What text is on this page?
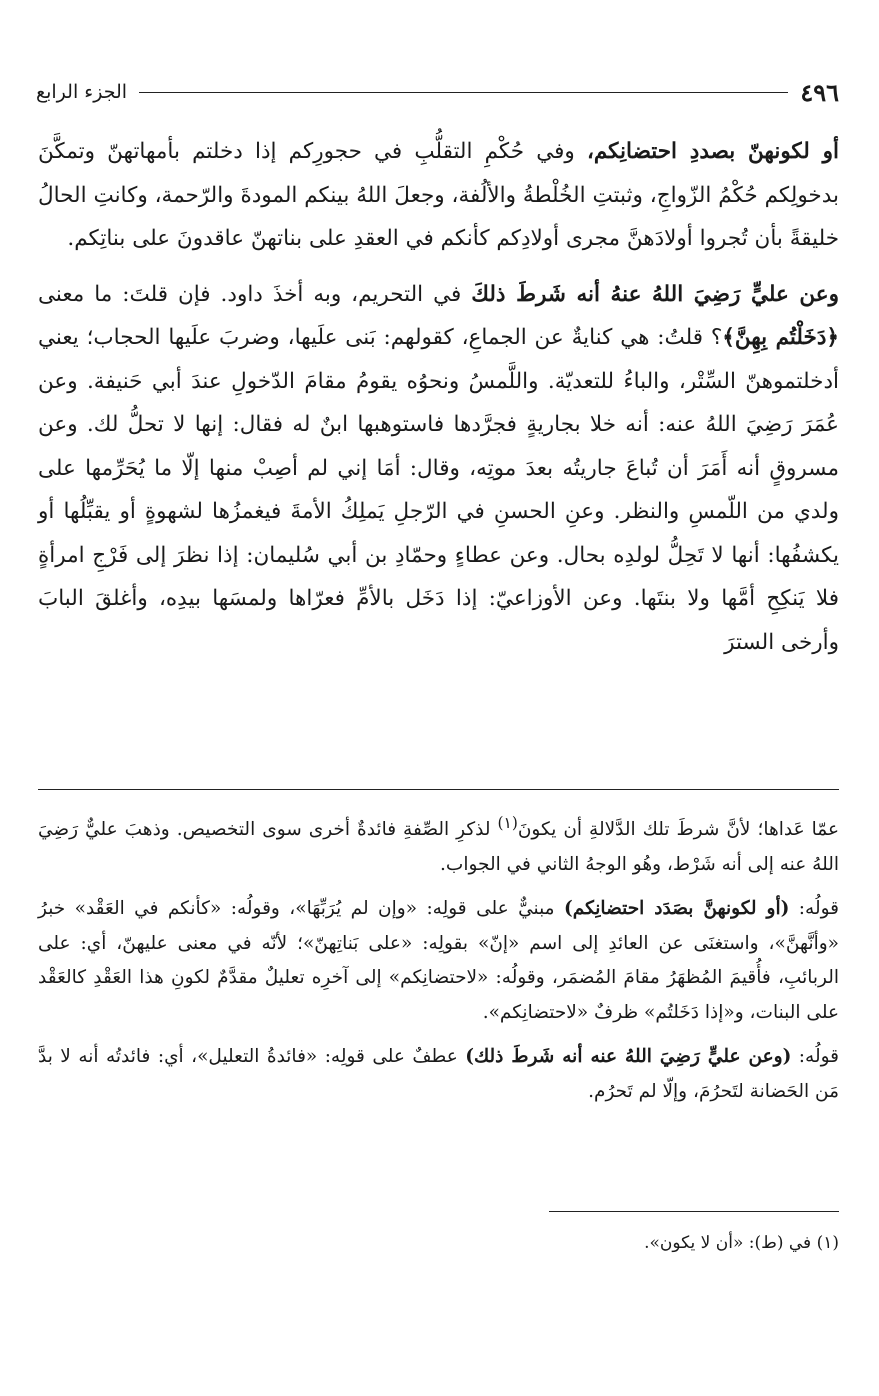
٤٩٦
الجزء الرابع

أو لكونهنّ بصددِ احتضانِكم، وفي حُكْمِ التقلُّبِ في حجورِكم إذا دخلتم بأمهاتهنّ وتمكَّنَ بدخولِكم حُكْمُ الزّواجِ، وثبتتِ الخُلْطةُ والألُفة، وجعلَ اللهُ بينكم المودةَ والرّحمة، وكانتِ الحالُ خليقةً بأن تُجروا أولادَهنَّ مجرى أولادِكم كأنكم في العقدِ على بناتهنّ عاقدونَ على بناتِكم.

وعن عليٍّ رَضِيَ اللهُ عنهُ أنه شَرطَ ذلكَ في التحريم، وبه أخذَ داود. فإن قلتَ: ما معنى ﴿دَخَلْتُم بِهِنَّ﴾؟ قلتُ: هي كنايةٌ عن الجماعِ، كقولهم: بَنى علَيها، وضربَ علَيها الحجاب؛ يعني أدخلتموهنّ السِّتْر، والباءُ للتعديّة. واللَّمسُ ونحوُه يقومُ مقامَ الدّخولِ عندَ أبي حَنيفة. وعن عُمَرَ رَضِيَ اللهُ عنه: أنه خلا بجاريةٍ فجرَّدها فاستوهبها ابنٌ له فقال: إنها لا تحلُّ لك. وعن مسروقٍ أنه أَمَرَ أن تُباعَ جاريتُه بعدَ موتِه، وقال: أمَا إني لم أصِبْ منها إلّا ما يُحَرِّمها على ولدي من اللّمسِ والنظر. وعنِ الحسنِ في الرّجلِ يَملِكُ الأمةَ فيغمزُها لشهوةٍ أو يقبِّلُها أو يكشفُها: أنها لا تَحِلُّ لولدِه بحال. وعن عطاءٍ وحمّادِ بن أبي سُليمان: إذا نظرَ إلى فَرْجِ امرأةٍ فلا يَنكِحِ أمَّها ولا بنتَها. وعن الأوزاعيّ: إذا دَخَل بالأمِّ فعرّاها ولمسَها بيدِه، وأغلقَ البابَ وأرخى السترَ

عمّا عَداها؛ لأنَّ شرطَ تلك الدَّلالةِ أن يكونَ$^{(١)}$ لذكرِ الصِّفةِ فائدةٌ أخرى سوى التخصيص. وذهبَ عليٌّ رَضِيَ اللهُ عنه إلى أنه شَرْط، وهُو الوجهُ الثاني في الجواب.

قولُه: (أو لكونهنَّ بصَدَد احتضانِكم) مبنيٌّ على قولِه: «وإن لم يُرَبِّهَا»، وقولُه: «كأنكم في العَقْد» خبرُ «وأنَّهنَّ»، واستغنَى عن العائدِ إلى اسم «إنّ» بقولِه: «على بَناتِهنّ»؛ لأنّه في معنى عليهنّ، أي: على الربائبِ، فأُقيمَ المُظهَرُ مقامَ المُضمَر، وقولُه: «لاحتضانِكم» إلى آخرِه تعليلٌ مقدَّمٌ لكونِ هذا العَقْدِ كالعَقْد على البنات، و«إذا دَخَلتُم» ظرفٌ «لاحتضانِكم».

قولُه: (وعن عليٍّ رَضِيَ اللهُ عنه أنه شَرطَ ذلك) عطفٌ على قولِه: «فائدةُ التعليل»، أي: فائدتُه أنه لا بدَّ مَن الحَضانة لتَحرُمَ، وإلّا لم تَحرُم.

(١) في (ط): «أن لا يكون».
